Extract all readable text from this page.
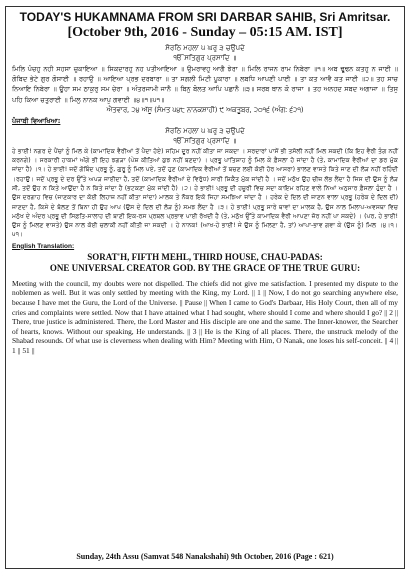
TODAY'S HUKAMNAMA FROM SRI DARBAR SAHIB, Sri Amritsar.
[October 9th, 2016 - Sunday – 05:15 AM. IST]
ਸੋਰਠਿ ਮਹਲਾ ੫ ਘਰੁ ੩ ਚਉਪਦੇ
ੴ ਸਤਿਗੁਰ ਪ੍ਰਸਾਦਿ ॥

ਮਿਲਿ ਪੰਚਹੁ ਨਹੀ ਸਹਸਾ ਚੁਕਾਇਆ ॥ ਸਿਕਦਾਰਹੁ ਨਹ ਪਤੀਆਇਆ ॥ ਉਮਰਾਵਹੁ ਆਗੈ ਝੇਰਾ ॥ ਮਿਲਿ ਰਾਜਨ ਰਾਮ ਨਿਬੇਰਾ ॥੧॥ ਅਬ ਢੂਢਨ ਕਤਹੁ ਨ ਜਾਈ ॥ ਗੋਬਿਦ ਭੇਟੇ ਗੁਰ ਗੋਸਾਈ ॥ ਰਹਾਉ ॥ ਆਇਆ ਪ੍ਰਭ ਦਰਬਾਰਾ ॥ ਤਾ ਸਗਲੀ ਮਿਟੀ ਪੂਕਾਰਾ ॥ ਲਬਧਿ ਆਪਣੀ ਪਾਈ ॥ ਤਾ ਕਤ ਆਵੈ ਕਤ ਜਾਈ ॥੨॥ ਤਹ ਸਾਚ ਨਿਆਇ ਨਿਬੇਰਾ ॥ ਊਹਾ ਸਮ ਠਾਕੁਰੁ ਸਮ ਚੇਰਾ ॥ ਅੰਤਰਜਾਮੀ ਜਾਨੈ ॥ ਬਿਨੁ ਬੋਲਤ ਆਪਿ ਪਛਾਨੈ ॥੩॥ ਸਰਬ ਥਾਨ ਕੋ ਰਾਜਾ ॥ ਤਹ ਅਨਹਦ ਸਬਦ ਅਗਾਜਾ ॥ ਤਿਸੁ ਪਹਿ ਕਿਆ ਚਤੁਰਾਈ ॥ ਮਿਲੁ ਨਾਨਕ ਆਪੁ ਗਵਾਈ ॥੪॥੧॥੫੧॥

ਐਤਵਾਰ, ੨੪ ਅੱਸੂ (ਸੰਮਤ ੫੪੮ ਨਾਨਕਸ਼ਾਹੀ) ੯ ਅਕਤੂਬਰ, ੨੦੧੬ (ਅੰਗ: ੬੨੧)
ਪੰਜਾਬੀ ਵਿਆਖਿਆ:
ਸੋਰਠਿ ਮਹਲਾ ੫ ਘਰੁ ੩ ਚਉਪਦੇ
ੴ ਸਤਿਗੁਰ ਪ੍ਰਸਾਦਿ ॥

ਹੇ ਭਾਈ! ਨਗਰ ਦੇ ਪੈਂਚਾਂ ਨੂੰ ਮਿਲ ਕੇ (ਕਾਮਾਦਿਕ ਵੈਰੀਆਂ ਤੋਂ ਪੈਦਾ ਹੋਏ) ਸਹਿਮ ਦੂਰ ਨਹੀਂ ਕੀਤਾ ਜਾ ਸਕਦਾ । ਸਰਦਾਰਾਂ ਪਾਸੋਂ ਭੀ ਤਸੱਲੀ ਨਹੀਂ ਮਿਲ ਸਕਦੀ (ਕਿ ਇਹ ਵੈਰੀ ਤੰਗ ਨਹੀਂ ਕਰਨਗੇ) । ਸਰਕਾਰੀ ਹਾਕਮਾਂ ਅੱਗੇ ਭੀ ਇਹ ਝਗੜਾ (ਪੇਸ਼ ਕੀਤਿਆਂ ਕੁਝ ਨਹੀਂ ਬਣਦਾ) । ਪ੍ਰਭੂ ਪਾਤਿਸ਼ਾਹ ਨੂੰ ਮਿਲ ਕੇ ਫ਼ੈਸਲਾ ਹੋ ਜਾਂਦਾ ਹੈ (ਤੇ, ਕਾਮਾਦਿਕ ਵੈਰੀਆਂ ਦਾ ਡਰ ਮੁੱਕ ਜਾਂਦਾ ਹੈ) ।੧। ਹੇ ਭਾਈ! ਜਦੋਂ ਗੋਬਿੰਦ ਪ੍ਰਭੂ ਨੂੰ, ਗੁਰੂ ਨੂੰ ਮਿਲ ਪਏ, ਤਦੋਂ ਹੁਣ (ਕਾਮਾਦਿਕ ਵੈਰੀਆਂ ਤੋਂ ਬਚਣ ਲਈ ਕੋਈ ਹੋਰ ਆਸਰਾ) ਭਾਲਣ ਵਾਸਤੇ ਕਿਤੇ ਜਾਣ ਦੀ ਲੋੜ ਨਹੀਂ ਰਹਿੰਦੀ ।ਰਹਾਉ। ਜਦੋਂ ਪ੍ਰਭੂ ਦੇ ਦਰ ਉੱਤੇ ਅਪੜ ਜਾਈਦਾ ਹੈ, ਤਦੋਂ (ਕਾਮਾਦਿਕ ਵੈਰੀਆਂ ਦੇ ਵਿਰੁੱਧ) ਸਾਰੀ ਸ਼ਿਕੈਤ ਮੁੱਕ ਜਾਂਦੀ ਹੈ । ਜਦੋਂ ਮਨੁੱਖ ਉਹ ਚੀਜ਼ ਲੱਭ ਲੈਂਦਾ ਹੈ ਜਿਸ ਦੀ ਉਸ ਨੂੰ ਲੋੜ ਸੀ, ਤਦੋਂ ਉਹ ਨ ਕਿਤੇ ਆਉਂਦਾ ਹੈ ਨ ਕਿਤੇ ਜਾਂਦਾ ਹੈ (ਭਟਕਣਾ ਮੁੱਕ ਜਾਂਦੀ ਹੈ) ।੨। ਹੇ ਭਾਈ! ਪ੍ਰਭੂ ਦੀ ਹਜ਼ੂਰੀ ਵਿਚ ਸਦਾ ਕਾਇਮ ਰਹਿਣ ਵਾਲੇ ਨਿਆਂ ਅਨੁਸਾਰ ਫ਼ੈਸਲਾ ਹੁੰਦਾ ਹੈ । ਉਸ ਦਰਗਾਹ ਵਿਚ (ਜਾਣਕਾਰ ਦਾ ਕੋਈ ਲਿਹਾਜ਼ ਨਹੀਂ ਕੀਤਾ ਜਾਂਦਾ) ਮਾਲਕ ਤੇ ਨੌਕਰ ਇਕੋ ਜਿਹਾ ਸਮਝਿਆ ਜਾਂਦਾ ਹੈ । ਹਰੇਕ ਦੇ ਦਿਲ ਦੀ ਜਾਣਨ ਵਾਲਾ ਪ੍ਰਭੂ (ਹਰੇਕ ਦੇ ਦਿਲ ਦੀ) ਜਾਣਦਾ ਹੈ, ਕਿਸੇ ਦੇ ਬੋਲਣ ਤੋਂ ਬਿਨਾ ਹੀ ਉਹ ਆਪ (ਉਸ ਦੇ ਦਿਲ ਦੀ ਲੋੜ ਨੂੰ) ਸਮਝ ਲੈਂਦਾ ਹੈ ।੩। ਹੇ ਭਾਈ! ਪ੍ਰਭੂ ਸਾਰੇ ਥਾਵਾਂ ਦਾ ਮਾਲਕ ਹੈ, ਉਸ ਨਾਲ ਮਿਲਾਪ-ਅਵਸਥਾ ਵਿਚ ਮਨੁੱਖ ਦੇ ਅੰਦਰ ਪ੍ਰਭੂ ਦੀ ਸਿਫ਼ਤਿ-ਸਾਲਾਹ ਦੀ ਬਾਣੀ ਇਕ-ਰਸ ਪ੍ਰਬਲ ਪ੍ਰਭਾਵ ਪਾਈ ਰੱਖਦੀ ਹੈ (ਤੇ, ਮਨੁੱਖ ਉੱਤੇ ਕਾਮਾਦਿਕ ਵੈਰੀ ਆਪਣਾ ਜ਼ੋਰ ਨਹੀਂ ਪਾ ਸਕਦੇ) । (ਪਰ, ਹੇ ਭਾਈ! ਉਸ ਨੂੰ ਮਿਲਣ ਵਾਸਤੇ) ਉਸ ਨਾਲ ਕੋਈ ਚਲਾਕੀ ਨਹੀਂ ਕੀਤੀ ਜਾ ਸਕਦੀ । ਹੇ ਨਾਨਕ! (ਆਖ-ਹੇ ਭਾਈ! ਜੇ ਉਸ ਨੂੰ ਮਿਲਣਾ ਹੈ, ਤਾਂ) ਆਪਾ-ਭਾਵ ਗਵਾ ਕੇ (ਉਸ ਨੂੰ) ਮਿਲ ।੪।੧।੫੧।

English Translation:
SORAT'H, FIFTH MEHL, THIRD HOUSE, CHAU-PADAS:
ONE UNIVERSAL CREATOR GOD. BY THE GRACE OF THE TRUE GURU:

Meeting with the council, my doubts were not dispelled. The chiefs did not give me satisfaction. I presented my dispute to the noblemen as well. But it was only settled by meeting with the King, my Lord. || 1 || Now, I do not go searching anywhere else, because I have met the Guru, the Lord of the Universe. || Pause || When I came to God's Darbaar, His Holy Court, then all of my cries and complaints were settled. Now that I have attained what I had sought, where should I come and where should I go? || 2 || There, true justice is administered. There, the Lord Master and His disciple are one and the same. The Inner-knower, the Searcher of hearts, knows. Without our speaking, He understands. || 3 || He is the King of all places. There, the unstruck melody of the Shabad resounds. Of what use is cleverness when dealing with Him? Meeting with Him, O Nanak, one loses his self-conceit. || 4 || 1 || 51 ||

Sunday, 24th Assu (Samvat 548 Nanakshahi) 9th October, 2016 (Page : 621)
